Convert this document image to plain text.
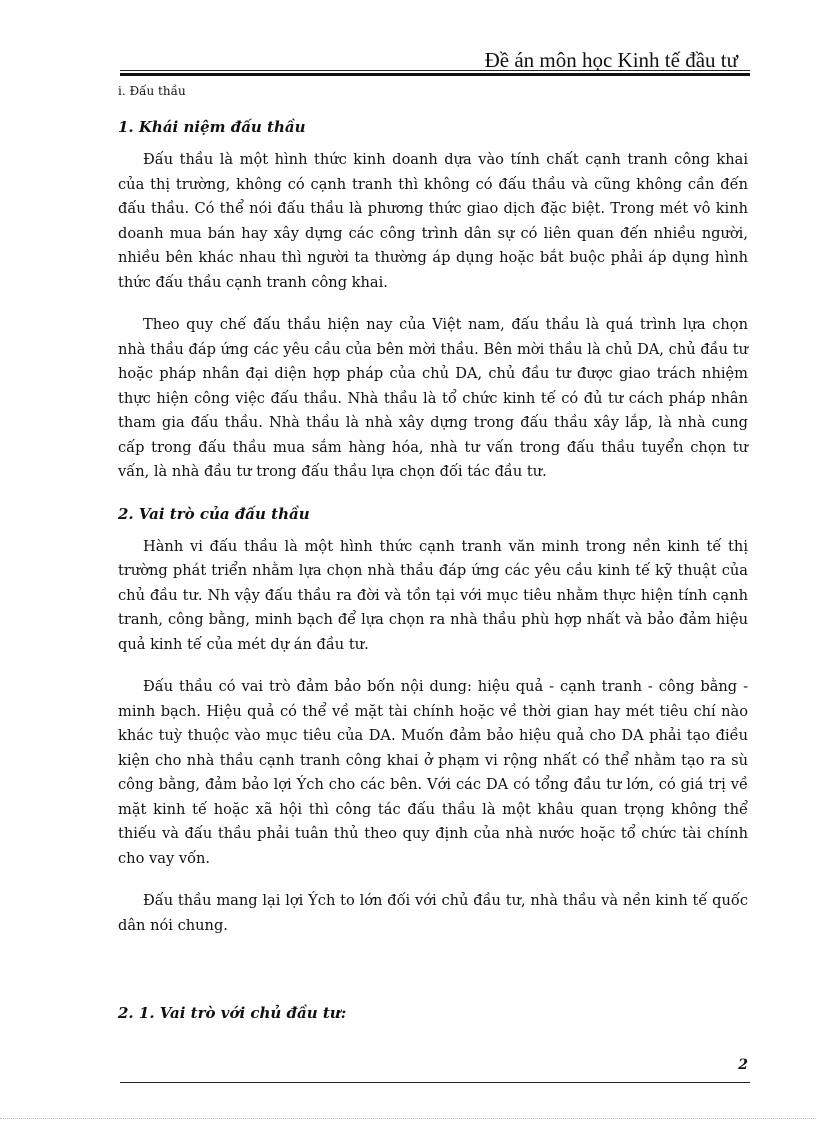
Đề án môn học Kinh tế đầu tư
i. Đấu thầu
1. Khái niệm đấu thầu

Đấu thầu là một hình thức kinh doanh dựa vào tính chất cạnh tranh công khai của thị trường, không có cạnh tranh thì không có đấu thầu và cũng không cần đến đấu thầu. Có thể nói đấu thầu là phương thức giao dịch đặc biệt. Trong mét vô kinh doanh mua bán hay xây dựng các công trình dân sự có liên quan đến nhiều người, nhiều bên khác nhau thì người ta thường áp dụng hoặc bắt buộc phải áp dụng hình thức đấu thầu cạnh tranh công khai.

Theo quy chế đấu thầu hiện nay của Việt nam, đấu thầu là quá trình lựa chọn nhà thầu đáp ứng các yêu cầu của bên mời thầu. Bên mời thầu là chủ DA, chủ đầu tư hoặc pháp nhân đại diện hợp pháp của chủ DA, chủ đầu tư được giao trách nhiệm thực hiện công việc đấu thầu. Nhà thầu là tổ chức kinh tế có đủ tư cách pháp nhân tham gia đấu thầu. Nhà thầu là nhà xây dựng trong đấu thầu xây lắp, là nhà cung cấp trong đấu thầu mua sắm hàng hóa, nhà tư vấn trong đấu thầu tuyển chọn tư vấn, là nhà đầu tư trong đấu thầu lựa chọn đối tác đầu tư.

2. Vai trò của đấu thầu

Hành vi đấu thầu là một hình thức cạnh tranh văn minh trong nền kinh tế thị trường phát triển nhằm lựa chọn nhà thầu đáp ứng các yêu cầu kinh tế kỹ thuật của chủ đầu tư. Nh vậy đấu thầu ra đời và tồn tại với mục tiêu nhằm thực hiện tính cạnh tranh, công bằng, minh bạch để lựa chọn ra nhà thầu phù hợp nhất và bảo đảm hiệu quả kinh tế của mét dự án đầu tư.

Đấu thầu có vai trò đảm bảo bốn nội dung: hiệu quả - cạnh tranh - công bằng - minh bạch. Hiệu quả có thể về mặt tài chính hoặc về thời gian hay mét tiêu chí nào khác tuỳ thuộc vào mục tiêu của DA. Muốn đảm bảo hiệu quả cho DA phải tạo điều kiện cho nhà thầu cạnh tranh công khai ở phạm vi rộng nhất có thể nhằm tạo ra sù công bằng, đảm bảo lợi Ých cho các bên. Với các DA có tổng đầu tư lớn, có giá trị về mặt kinh tế hoặc xã hội thì công tác đấu thầu là một khâu quan trọng không thể thiếu và đấu thầu phải tuân thủ theo quy định của nhà nước hoặc tổ chức tài chính cho vay vốn.

Đấu thầu mang lại lợi Ých to lớn đối với chủ đầu tư, nhà thầu và nền kinh tế quốc dân nói chung.

2. 1. Vai trò với chủ đầu tư:
2
